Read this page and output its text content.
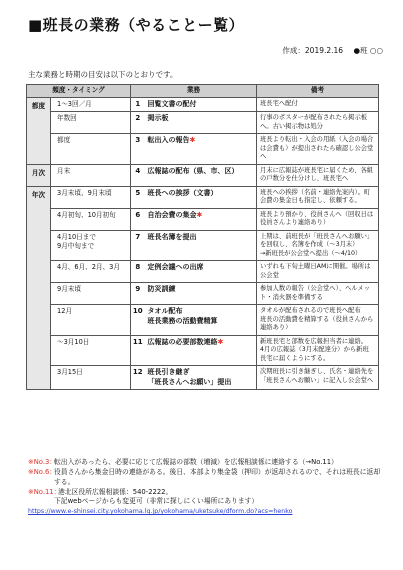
■班長の業務（やることー覧）
作成：2019.2.16 ●班 ○○
主な業務と時期の目安は以下のとおりです。
頻度・タイミング		業務		備考
都度	1〜3回／月	1	回覧文書の配付	班長宅へ配付
	年数回	2	掲示板	行事のポスターが配布されたら掲示板へ。古い掲示物は処分
	都度	3	転出入の報告✱	班長より転出・入会の用紙（入会の場合は会費も）が提出されたら確認し公会堂へ
月次	月末	4	広報誌の配布（県、市、区）	月末に広報誌が班長宅に届くため、各組の戸数分を仕分けし、班長宅へ
年次	3月末頃、9月末頃	5	班長への挨拶（文書）	班長への挨拶（名前・連絡先案内）。町会費の集金日も指定し、依頼する。
	4月初旬、10月初旬	6	自治会費の集金✱	班長より預かり、役員さんへ（回収日は役員さんより連絡あり）
	4月10日まで
9月中旬まで	7	班長名簿を提出	上期は、前班長が「班長さんへお願い」を回収し、名簿を作成（〜3月末）
→新班長が公会堂へ提出（〜4/10）
	4月、6月、2月、3月	8	定例会議への出席	いずれも下旬土曜日AMに開催。場所は公会堂
	9月末頃	9	防災訓練	参加人数の報告（公会堂へ）、ヘルメット・消火器を準備する
	12月	10	タオル配布
班長業務の活動費精算	タオルが配布されるので班長へ配布
班長の活動費を精算する（役員さんから連絡あり）
	〜3月10日	11	広報誌の必要部数連絡✱	新班長宅と部数を広報担当者に連絡。
4月の広報誌（3月末配達分）から新班長宅に届くようにする。
	3月15日	12	班長引き継ぎ
「班長さんへお願い」提出	次期班長に引き継ぎし、氏名・連絡先を「班長さんへお願い」に記入し公会堂へ
※No.3：
転出入があったら、必要に応じて広報誌の部数（増減）を広報相談係に連絡する（→No.11）
※No.6：
役員さんから集金日時の連絡がある。後日、本部より集金袋（押印）が返却されるので、それは班長に返却する。
※No.11：
港北区役所広報相談係：540-2222。
下記webページからも変更可（非常に探しにくい場所にあります）
https://www.e-shinsei.city.yokohama.lg.jp/yokohama/uketsuke/dform.do?acs=henko
